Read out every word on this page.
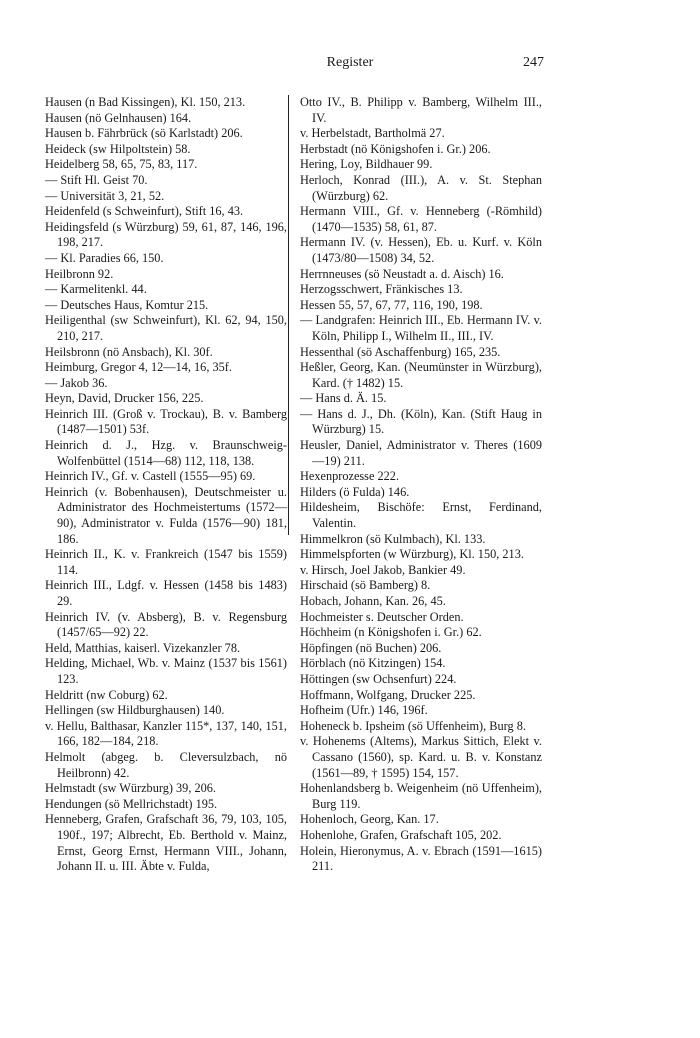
Register	247

Hausen (n Bad Kissingen), Kl. 150, 213.

Hausen (nö Gelnhausen) 164.

Hausen b. Fährbrück (sö Karlstadt) 206.

Heideck (sw Hilpoltstein) 58.

Heidelberg 58, 65, 75, 83, 117.

— Stift Hl. Geist 70.

— Universität 3, 21, 52.

Heidenfeld (s Schweinfurt), Stift 16, 43.

Heidingsfeld (s Würzburg) 59, 61, 87, 146, 196, 198, 217.

— Kl. Paradies 66, 150.

Heilbronn 92.

— Karmelitenkl. 44.

— Deutsches Haus, Komtur 215.

Heiligenthal (sw Schweinfurt), Kl. 62, 94, 150, 210, 217.

Heilsbronn (nö Ansbach), Kl. 30f.

Heimburg, Gregor 4, 12—14, 16, 35f.

— Jakob 36.

Heyn, David, Drucker 156, 225.

Heinrich III. (Groß v. Trockau), B. v. Bamberg (1487—1501) 53f.

Heinrich d. J., Hzg. v. Braunschweig-Wolfenbüttel (1514—68) 112, 118, 138.

Heinrich IV., Gf. v. Castell (1555—95) 69.

Heinrich (v. Bobenhausen), Deutschmeister u. Administrator des Hochmeistertums (1572—90), Administrator v. Fulda (1576—90) 181, 186.

Heinrich II., K. v. Frankreich (1547 bis 1559) 114.

Heinrich III., Ldgf. v. Hessen (1458 bis 1483) 29.

Heinrich IV. (v. Absberg), B. v. Regensburg (1457/65—92) 22.

Held, Matthias, kaiserl. Vizekanzler 78.

Helding, Michael, Wb. v. Mainz (1537 bis 1561) 123.

Heldritt (nw Coburg) 62.

Hellingen (sw Hildburghausen) 140.

v. Hellu, Balthasar, Kanzler 115*, 137, 140, 151, 166, 182—184, 218.

Helmolt (abgeg. b. Cleversulzbach, nö Heilbronn) 42.

Helmstadt (sw Würzburg) 39, 206.

Hendungen (sö Mellrichstadt) 195.

Henneberg, Grafen, Grafschaft 36, 79, 103, 105, 190f., 197; Albrecht, Eb. Berthold v. Mainz, Ernst, Georg Ernst, Hermann VIII., Johann, Johann II. u. III. Äbte v. Fulda,

Otto IV., B. Philipp v. Bamberg, Wilhelm III., IV.

v. Herbelstadt, Bartholmä 27.

Herbstadt (nö Königshofen i. Gr.) 206.

Hering, Loy, Bildhauer 99.

Herloch, Konrad (III.), A. v. St. Stephan (Würzburg) 62.

Hermann VIII., Gf. v. Henneberg (-Römhild) (1470—1535) 58, 61, 87.

Hermann IV. (v. Hessen), Eb. u. Kurf. v. Köln (1473/80—1508) 34, 52.

Herrnneuses (sö Neustadt a. d. Aisch) 16.

Herzogsschwert, Fränkisches 13.

Hessen 55, 57, 67, 77, 116, 190, 198.

— Landgrafen: Heinrich III., Eb. Hermann IV. v. Köln, Philipp I., Wilhelm II., III., IV.

Hessenthal (sö Aschaffenburg) 165, 235.

Heßler, Georg, Kan. (Neumünster in Würzburg), Kard. († 1482) 15.

— Hans d. Ä. 15.

— Hans d. J., Dh. (Köln), Kan. (Stift Haug in Würzburg) 15.

Heusler, Daniel, Administrator v. Theres (1609—19) 211.

Hexenprozesse 222.

Hilders (ö Fulda) 146.

Hildesheim, Bischöfe: Ernst, Ferdinand, Valentin.

Himmelkron (sö Kulmbach), Kl. 133.

Himmelspforten (w Würzburg), Kl. 150, 213.

v. Hirsch, Joel Jakob, Bankier 49.

Hirschaid (sö Bamberg) 8.

Hobach, Johann, Kan. 26, 45.

Hochmeister s. Deutscher Orden.

Höchheim (n Königshofen i. Gr.) 62.

Höpfingen (nö Buchen) 206.

Hörblach (nö Kitzingen) 154.

Höttingen (sw Ochsenfurt) 224.

Hoffmann, Wolfgang, Drucker 225.

Hofheim (Ufr.) 146, 196f.

Hoheneck b. Ipsheim (sö Uffenheim), Burg 8.

v. Hohenems (Altems), Markus Sittich, Elekt v. Cassano (1560), sp. Kard. u. B. v. Konstanz (1561—89, † 1595) 154, 157.

Hohenlandsberg b. Weigenheim (nö Uffenheim), Burg 119.

Hohenloch, Georg, Kan. 17.

Hohenlohe, Grafen, Grafschaft 105, 202.

Holein, Hieronymus, A. v. Ebrach (1591—1615) 211.
